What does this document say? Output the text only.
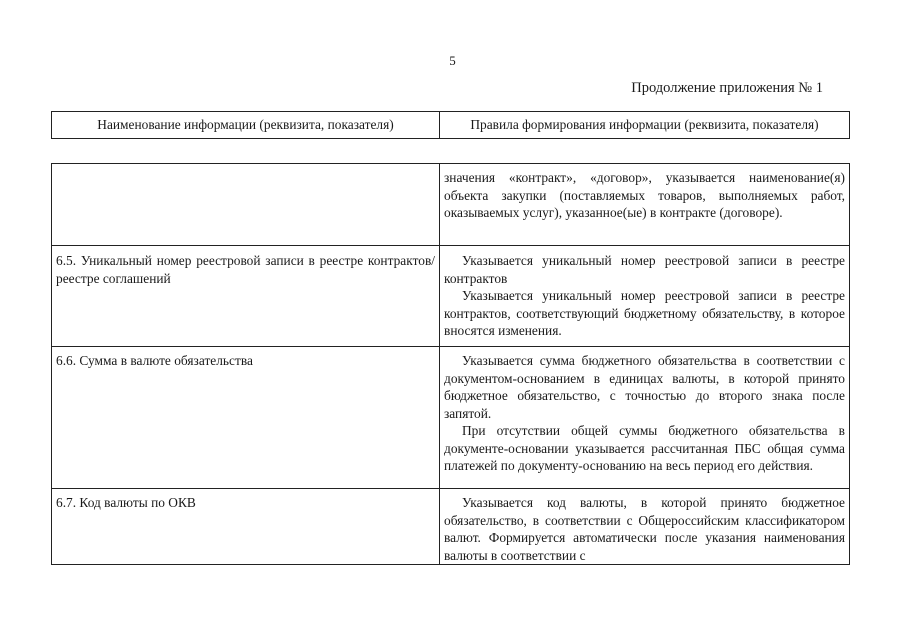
5
Продолжение приложения № 1
Наименование информации (реквизита, показателя)	Правила формирования информации (реквизита, показателя)

	значения «контракт», «договор», указывается наименование(я) объекта закупки (поставляемых товаров, выполняемых работ, оказываемых услуг), указанное(ые) в контракте (договоре).

6.5. Уникальный номер реестровой записи в реестре контрактов/реестре соглашений	Указывается уникальный номер реестровой записи в реестре контрактов

Указывается уникальный номер реестровой записи в реестре контрактов, соответствующий бюджетному обязательству, в которое вносятся изменения.

6.6. Сумма в валюте обязательства	Указывается сумма бюджетного обязательства в соответствии с документом-основанием в единицах валюты, в которой принято бюджетное обязательство, с точностью до второго знака после запятой.

При отсутствии общей суммы бюджетного обязательства в документе-основании указывается рассчитанная ПБС общая сумма платежей по документу-основанию на весь период его действия.

6.7. Код валюты по ОКВ	Указывается код валюты, в которой принято бюджетное обязательство, в соответствии с Общероссийским классификатором валют. Формируется автоматически после указания наименования валюты в соответствии с
